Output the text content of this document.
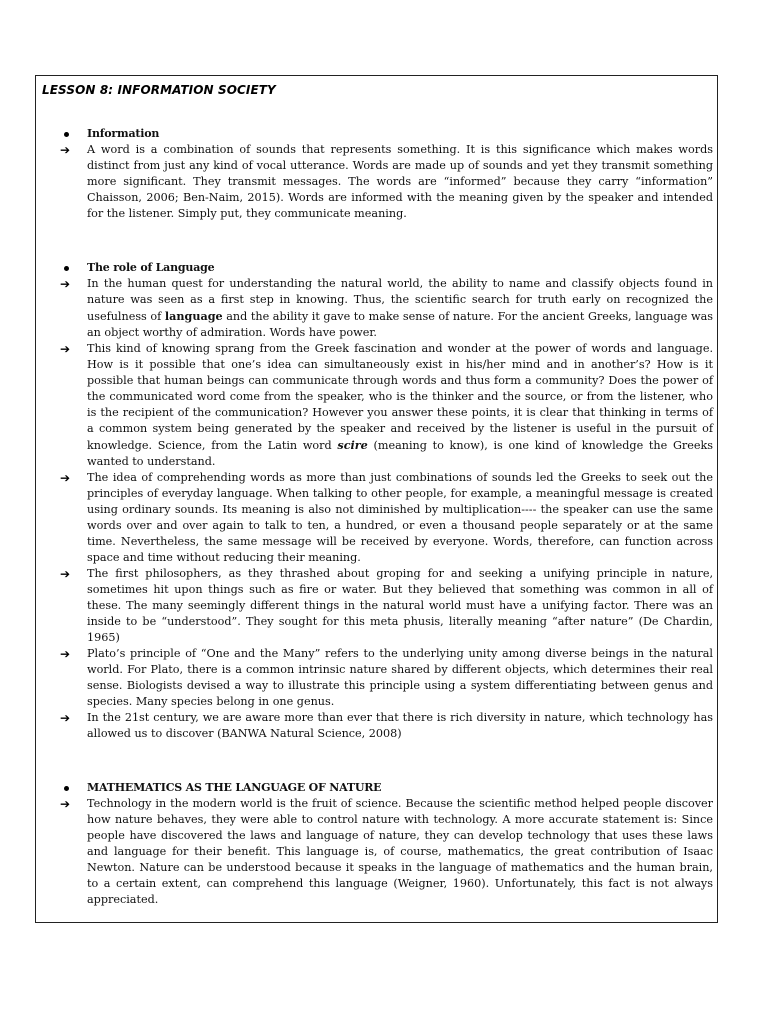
LESSON 8: INFORMATION SOCIETY
Information
➔ A word is a combination of sounds that represents something. It is this significance which makes words distinct from just any kind of vocal utterance. Words are made up of sounds and yet they transmit something more significant. They transmit messages. The words are “informed” because they carry “information” Chaisson, 2006; Ben-Naim, 2015). Words are informed with the meaning given by the speaker and intended for the listener. Simply put, they communicate meaning.
The role of Language
➔ In the human quest for understanding the natural world, the ability to name and classify objects found in nature was seen as a first step in knowing. Thus, the scientific search for truth early on recognized the usefulness of language and the ability it gave to make sense of nature. For the ancient Greeks, language was an object worthy of admiration. Words have power.
➔ This kind of knowing sprang from the Greek fascination and wonder at the power of words and language. How is it possible that one’s idea can simultaneously exist in his/her mind and in another’s? How is it possible that human beings can communicate through words and thus form a community? Does the power of the communicated word come from the speaker, who is the thinker and the source, or from the listener, who is the recipient of the communication? However you answer these points, it is clear that thinking in terms of a common system being generated by the speaker and received by the listener is useful in the pursuit of knowledge. Science, from the Latin word scire (meaning to know), is one kind of knowledge the Greeks wanted to understand.
➔ The idea of comprehending words as more than just combinations of sounds led the Greeks to seek out the principles of everyday language. When talking to other people, for example, a meaningful message is created using ordinary sounds. Its meaning is also not diminished by multiplication---- the speaker can use the same words over and over again to talk to ten, a hundred, or even a thousand people separately or at the same time. Nevertheless, the same message will be received by everyone. Words, therefore, can function across space and time without reducing their meaning.
➔ The first philosophers, as they thrashed about groping for and seeking a unifying principle in nature, sometimes hit upon things such as fire or water. But they believed that something was common in all of these. The many seemingly different things in the natural world must have a unifying factor. There was an inside to be “understood”. They sought for this meta phusis, literally meaning “after nature” (De Chardin, 1965)
➔ Plato’s principle of “One and the Many” refers to the underlying unity among diverse beings in the natural world. For Plato, there is a common intrinsic nature shared by different objects, which determines their real sense. Biologists devised a way to illustrate this principle using a system differentiating between genus and species. Many species belong in one genus.
➔ In the 21st century, we are aware more than ever that there is rich diversity in nature, which technology has allowed us to discover (BANWA Natural Science, 2008)
MATHEMATICS AS THE LANGUAGE OF NATURE
➔ Technology in the modern world is the fruit of science. Because the scientific method helped people discover how nature behaves, they were able to control nature with technology. A more accurate statement is: Since people have discovered the laws and language of nature, they can develop technology that uses these laws and language for their benefit. This language is, of course, mathematics, the great contribution of Isaac Newton. Nature can be understood because it speaks in the language of mathematics and the human brain, to a certain extent, can comprehend this language (Weigner, 1960). Unfortunately, this fact is not always appreciated.
